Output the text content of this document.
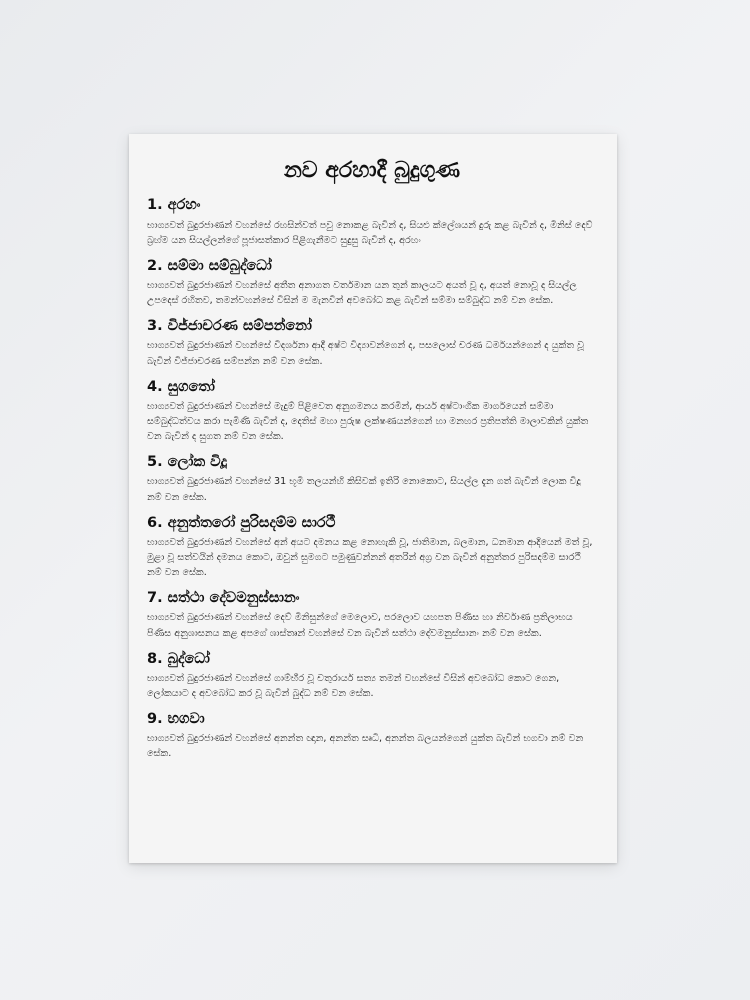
නව අරහාදී බුදුගුණ
1. අරහං

භාග්‍යවත් බුදුරජාණන් වහන්සේ රහසින්වත් පවු නොකළ බැවින් ද, සියළු ක්ලේශයන් දුරු කළ බැවින් ද, මිනිස් දෙව් බ්‍රහ්ම යන සියල්ලන්ගේ පූජාසත්කාර පිළිගැනීමට සුදුසු බැවින් ද, අරහං

2. සම්මා සම්බුද්ධෝ

භාග්‍යවත් බුදුරජාණන් වහන්සේ අතීත අනාගත වර්තමාන යන තුන් කාලයට අයත් වූ ද, අයත් නොවූ ද සියල්ල උපදෙස් රහිතව, තමන්වහන්සේ විසින් ම මැනවින් අවබෝධ කළ බැවින් සම්මා සම්බුද්ධ නම් වන සේක.

3. විජ්ජාචරණ සම්පන්නෝ

භාග්‍යවත් බුදුරජාණන් වහන්සේ විදර්ශනා ආදී අෂ්ට විද්‍යාවන්ගෙන් ද, පසලොස් චරණ ධර්මයන්ගෙන් ද යුක්ත වූ බැවින් විජ්ජාචරණ සම්පන්න නම් වන සේක.

4. සුගතෝ

භාග්‍යවත් බුදුරජාණන් වහන්සේ මැදුම් පිළිවෙත අනුගමනය කරමින්, ආර්ය අෂ්ටාංගික මාර්ගයෙන් සම්මා සම්බුද්ධත්වය කරා පැමිණි බැවින් ද, දෙතිස් මහා පුරුෂ ලක්ෂණයන්ගෙන් හා මනහර ප්‍රතිපත්ති මාලාවකින් යුක්ත වන බැවින් ද සුගත නම් වන සේක.

5. ලෝක විදූ

භාග්‍යවත් බුදුරජාණන් වහන්සේ 31 භූමි තලයන්හි කිසිවක් ඉතිරි නොකොට, සියල්ල දැන ගත් බැවින් ලොක විදූ නම් වන සේක.

6. අනුත්තරෝ පුරිසදම්ම සාරථී

භාග්‍යවත් බුදුරජාණන් වහන්සේ අන් අයට දමනය කළ නොහැකි වූ, ජාතිමාන, බලමාන, ධනමාන ආදියෙන් මත් වූ, මුළා වූ සත්වයින් දමනය කොට, ඔවුන් සුමගට පමුණුවන්නන් අතරින් අග්‍ර වන බැවින් අනුත්තර පුරිසදම්ම සාරථී නම් වන සේක.

7. සත්ථා දේවමනුස්සානං

භාග්‍යවත් බුදුරජාණන් වහන්සේ දෙව් මිනිසුන්ගේ මෙලොව, පරලොව යහපත පිණිස හා නිර්වාණ ප්‍රතිලාභය පිණිස අනුශාසනය කළ අපගේ ශාස්තෘන් වහන්සේ වන බැවින් සත්ථා දේවමනුස්සානං නම් වන සේක.

8. බුද්ධෝ

භාග්‍යවත් බුදුරජාණන් වහන්සේ ගාම්භීර වූ චතුරාර්ය සත්‍ය තමන් වහන්සේ විසින් අවබෝධ කොට ගෙන, ලෝකයාට ද අවබෝධ කර වූ බැවින් බුද්ධ නම් වන සේක.

9. භගවා

භාග්‍යවත් බුදුරජාණන් වහන්සේ අනන්ත ඥාන, අනන්ත සෘධි, අනන්ත බලයන්ගෙන් යුක්ත බැවින් භගවා නම් වන සේක.
